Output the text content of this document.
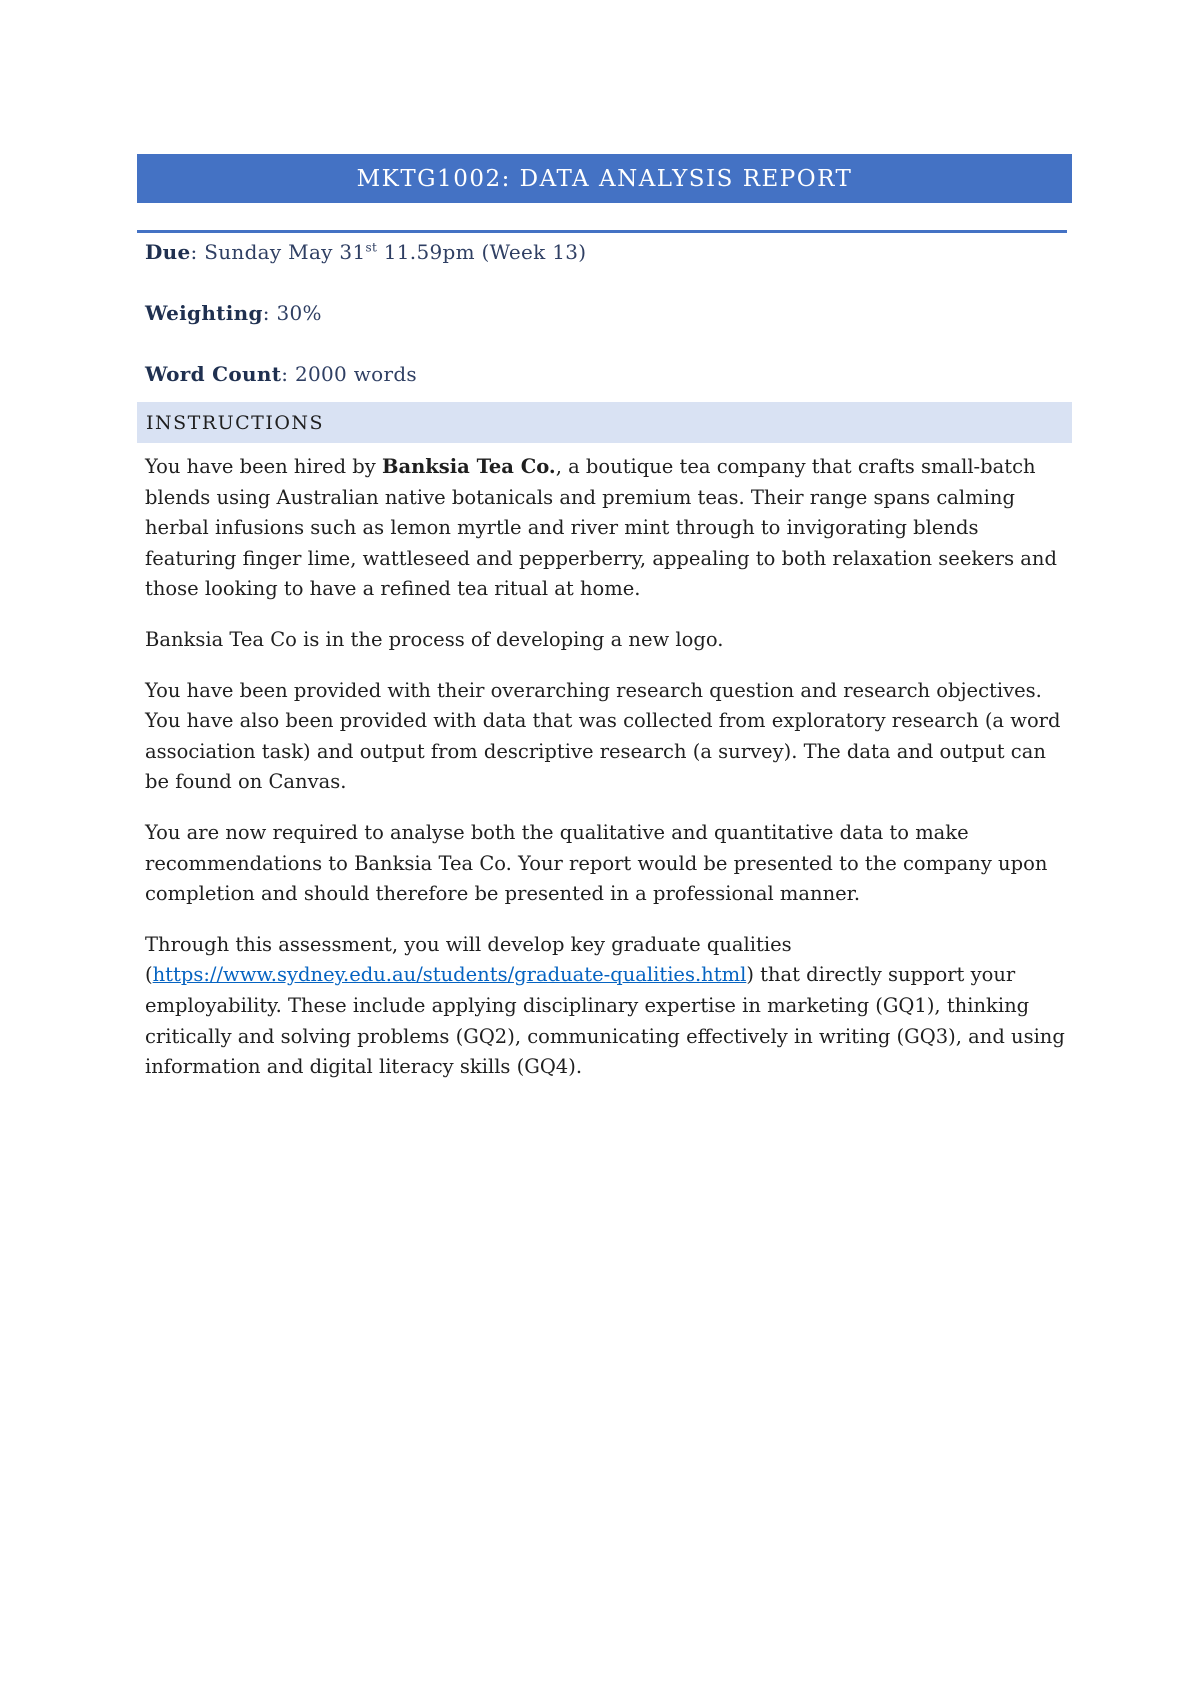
MKTG1002: DATA ANALYSIS REPORT
Due: Sunday May 31st 11.59pm (Week 13)
Weighting: 30%
Word Count: 2000 words
INSTRUCTIONS

You have been hired by Banksia Tea Co., a boutique tea company that crafts small-batch blends using Australian native botanicals and premium teas. Their range spans calming herbal infusions such as lemon myrtle and river mint through to invigorating blends featuring finger lime, wattleseed and pepperberry, appealing to both relaxation seekers and those looking to have a refined tea ritual at home.

Banksia Tea Co is in the process of developing a new logo.

You have been provided with their overarching research question and research objectives. You have also been provided with data that was collected from exploratory research (a word association task) and output from descriptive research (a survey). The data and output can be found on Canvas.

You are now required to analyse both the qualitative and quantitative data to make recommendations to Banksia Tea Co. Your report would be presented to the company upon completion and should therefore be presented in a professional manner.

Through this assessment, you will develop key graduate qualities (https://www.sydney.edu.au/students/graduate-qualities.html) that directly support your employability. These include applying disciplinary expertise in marketing (GQ1), thinking critically and solving problems (GQ2), communicating effectively in writing (GQ3), and using information and digital literacy skills (GQ4).
